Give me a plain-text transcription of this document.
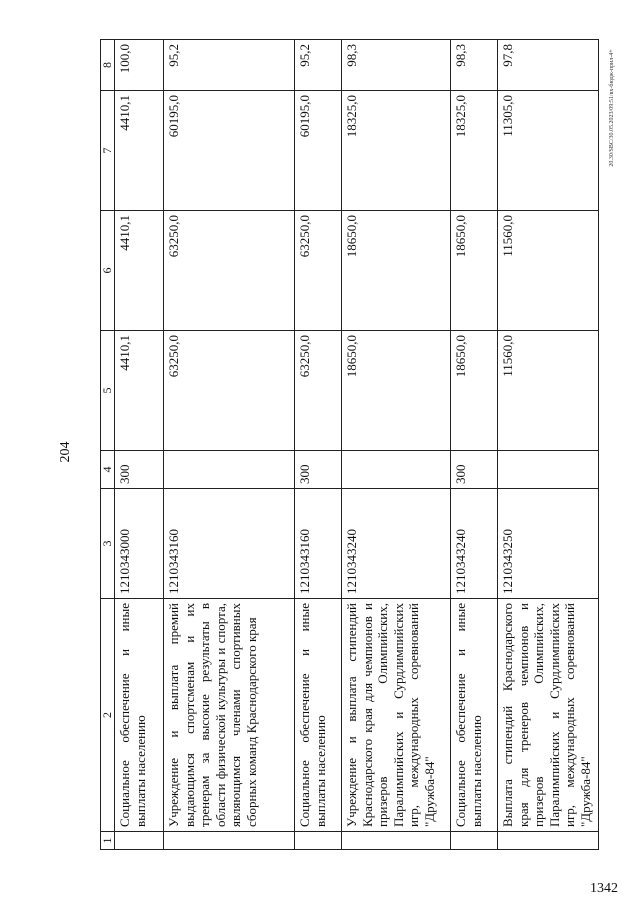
204
20.30/SBC/30.05.2023/09:51/вх-бюдж-прил-4+
1342
1	2	3	4	5	6	7	8
	Социальное обеспечение и иные выплаты населению	1210343000	300	4410,1	4410,1	4410,1	100,0
	Учреждение и выплата премий выдающимся спортсменам и их тренерам за высокие результаты в области физической культуры и спорта, являющимся членами спортивных сборных команд Краснодарского края	1210343160		63250,0	63250,0	60195,0	95,2
	Социальное обеспечение и иные выплаты населению	1210343160	300	63250,0	63250,0	60195,0	95,2
	Учреждение и выплата стипендий Краснодарского края для чемпионов и призеров Олимпийских, Паралимпийских и Сурдлимпийских игр, международных соревнований "Дружба-84"	1210343240		18650,0	18650,0	18325,0	98,3
	Социальное обеспечение и иные выплаты населению	1210343240	300	18650,0	18650,0	18325,0	98,3
	Выплата стипендий Краснодарского края для тренеров чемпионов и призеров Олимпийских, Паралимпийских и Сурдлимпийских игр, международных соревнований "Дружба-84"	1210343250		11560,0	11560,0	11305,0	97,8
